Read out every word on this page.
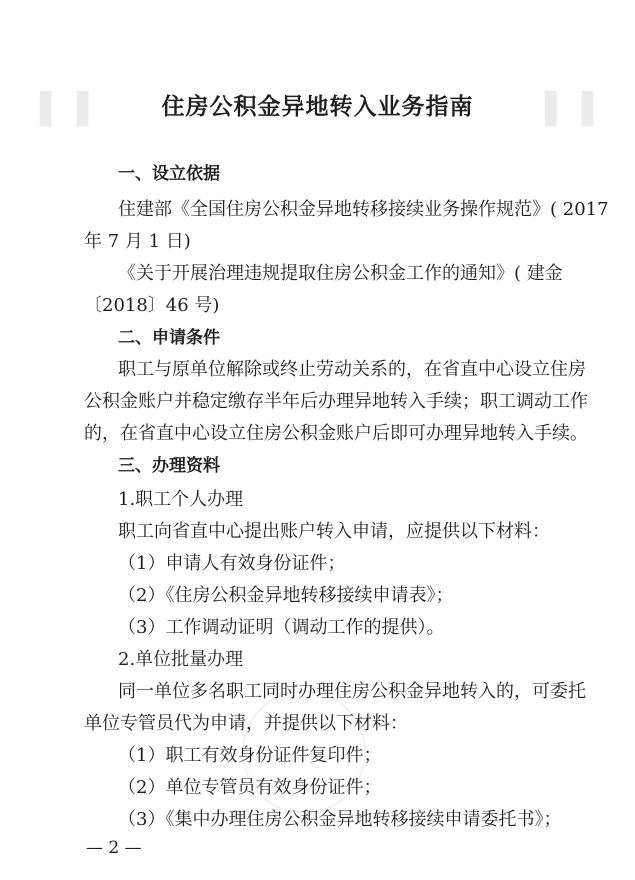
▌▐	▌▐
住房公积金异地转入业务指南
一、设立依据
住建部《全国住房公积金异地转移接续业务操作规范》( 2017
年 7 月 1 日)
《关于开展治理违规提取住房公积金工作的通知》( 建金
〔2018〕46 号)
二、申请条件
职工与原单位解除或终止劳动关系的，在省直中心设立住房
公积金账户并稳定缴存半年后办理异地转入手续；职工调动工作
的，在省直中心设立住房公积金账户后即可办理异地转入手续。
三、办理资料
1.职工个人办理
职工向省直中心提出账户转入申请，应提供以下材料：
（1）申请人有效身份证件；
（2）《住房公积金异地转移接续申请表》；
（3）工作调动证明（调动工作的提供）。
2.单位批量办理
同一单位多名职工同时办理住房公积金异地转入的，可委托
单位专管员代为申请，并提供以下材料：
（1）职工有效身份证件复印件；
（2）单位专管员有效身份证件；
（3）《集中办理住房公积金异地转移接续申请委托书》；
— 2 —
